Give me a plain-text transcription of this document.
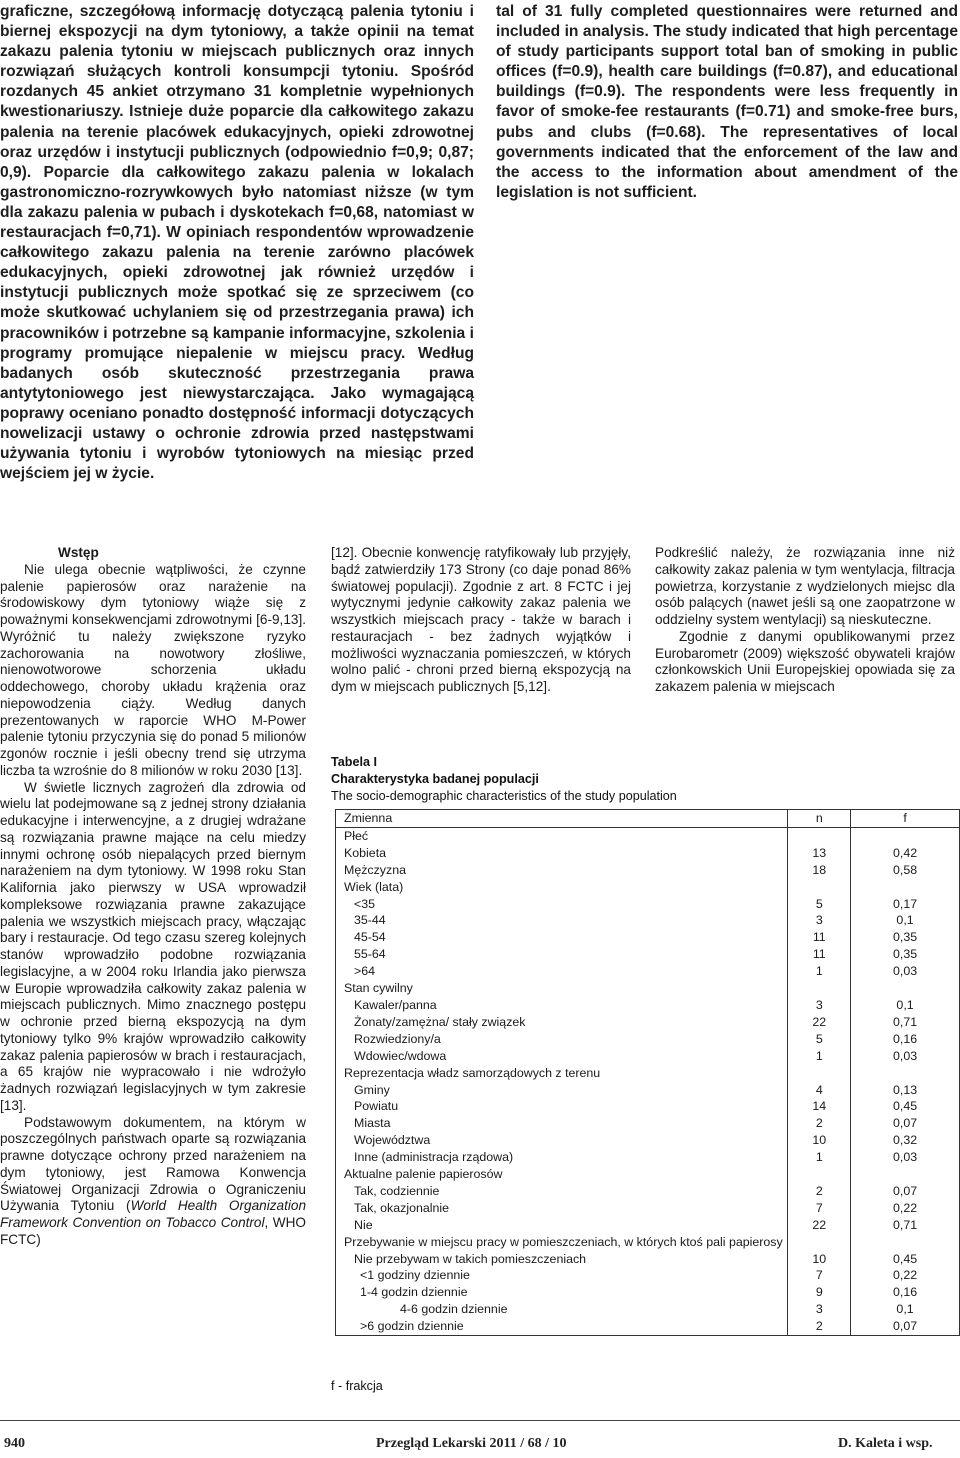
graficzne, szczegółową informację dotyczącą palenia tytoniu i biernej ekspozycji na dym tytoniowy, a także opinii na temat zakazu palenia tytoniu w miejscach publicznych oraz innych rozwiązań służących kontroli konsumpcji tytoniu. Spośród rozdanych 45 ankiet otrzymano 31 kompletnie wypełnionych kwestionariuszy. Istnieje duże poparcie dla całkowitego zakazu palenia na terenie placówek edukacyjnych, opieki zdrowotnej oraz urzędów i instytucji publicznych (odpowiednio f=0,9; 0,87; 0,9). Poparcie dla całkowitego zakazu palenia w lokalach gastronomiczno-rozrywkowych było natomiast niższe (w tym dla zakazu palenia w pubach i dyskotekach f=0,68, natomiast w restauracjach f=0,71). W opiniach respondentów wprowadzenie całkowitego zakazu palenia na terenie zarówno placówek edukacyjnych, opieki zdrowotnej jak również urzędów i instytucji publicznych może spotkać się ze sprzeciwem (co może skutkować uchylaniem się od przestrzegania prawa) ich pracowników i potrzebne są kampanie informacyjne, szkolenia i programy promujące niepalenie w miejscu pracy. Według badanych osób skuteczność przestrzegania prawa antytytoniowego jest niewystarczająca. Jako wymagającą poprawy oceniano ponadto dostępność informacji dotyczących nowelizacji ustawy o ochronie zdrowia przed następstwami używania tytoniu i wyrobów tytoniowych na miesiąc przed wejściem jej w życie.

tal of 31 fully completed questionnaires were returned and included in analysis. The study indicated that high percentage of study participants support total ban of smoking in public offices (f=0.9), health care buildings (f=0.87), and educational buildings (f=0.9). The respondents were less frequently in favor of smoke-fee restaurants (f=0.71) and smoke-free burs, pubs and clubs (f=0.68). The representatives of local governments indicated that the enforcement of the law and the access to the information about amendment of the legislation is not sufficient.

Wstęp

Nie ulega obecnie wątpliwości, że czynne palenie papierosów oraz narażenie na środowiskowy dym tytoniowy wiąże się z poważnymi konsekwencjami zdrowotnymi [6-9,13]. Wyróżnić tu należy zwiększone ryzyko zachorowania na nowotwory złośliwe, nienowotworowe schorzenia układu oddechowego, choroby układu krążenia oraz niepowodzenia ciąży. Według danych prezentowanych w raporcie WHO M-Power palenie tytoniu przyczynia się do ponad 5 milionów zgonów rocznie i jeśli obecny trend się utrzyma liczba ta wzrośnie do 8 milionów w roku 2030 [13].

W świetle licznych zagrożeń dla zdrowia od wielu lat podejmowane są z jednej strony działania edukacyjne i interwencyjne, a z drugiej wdrażane są rozwiązania prawne mające na celu miedzy innymi ochronę osób niepalących przed biernym narażeniem na dym tytoniowy. W 1998 roku Stan Kalifornia jako pierwszy w USA wprowadził kompleksowe rozwiązania prawne zakazujące palenia we wszystkich miejscach pracy, włączając bary i restauracje. Od tego czasu szereg kolejnych stanów wprowadziło podobne rozwiązania legislacyjne, a w 2004 roku Irlandia jako pierwsza w Europie wprowadziła całkowity zakaz palenia w miejscach publicznych. Mimo znacznego postępu w ochronie przed bierną ekspozycją na dym tytoniowy tylko 9% krajów wprowadziło całkowity zakaz palenia papierosów w brach i restauracjach, a 65 krajów nie wypracowało i nie wdrożyło żadnych rozwiązań legislacyjnych w tym zakresie [13].

Podstawowym dokumentem, na którym w poszczególnych państwach oparte są rozwiązania prawne dotyczące ochrony przed narażeniem na dym tytoniowy, jest Ramowa Konwencja Światowej Organizacji Zdrowia o Ograniczeniu Używania Tytoniu (World Health Organization Framework Convention on Tobacco Control, WHO FCTC)

[12]. Obecnie konwencję ratyfikowały lub przyjęły, bądź zatwierdziły 173 Strony (co daje ponad 86% światowej populacji). Zgodnie z art. 8 FCTC i jej wytycznymi jedynie całkowity zakaz palenia we wszystkich miejscach pracy - także w barach i restauracjach - bez żadnych wyjątków i możliwości wyznaczania pomieszczeń, w których wolno palić - chroni przed bierną ekspozycją na dym w miejscach publicznych [5,12].

Podkreślić należy, że rozwiązania inne niż całkowity zakaz palenia w tym wentylacja, filtracja powietrza, korzystanie z wydzielonych miejsc dla osób palących (nawet jeśli są one zaopatrzone w oddzielny system wentylacji) są nieskuteczne.

Zgodnie z danymi opublikowanymi przez Eurobarometr (2009) większość obywateli krajów członkowskich Unii Europejskiej opowiada się za zakazem palenia w miejscach

Tabela I
Charakterystyka badanej populacji
The socio-demographic characteristics of the study population
Zmienna	n	f
Płeć		
Kobieta	13	0,42
Mężczyzna	18	0,58
Wiek (lata)		
<35	5	0,17
35-44	3	0,1
45-54	11	0,35
55-64	11	0,35
>64	1	0,03
Stan cywilny		
Kawaler/panna	3	0,1
Żonaty/zamężna/ stały związek	22	0,71
Rozwiedziony/a	5	0,16
Wdowiec/wdowa	1	0,03
Reprezentacja władz samorządowych z terenu		
Gminy	4	0,13
Powiatu	14	0,45
Miasta	2	0,07
Województwa	10	0,32
Inne (administracja rządowa)	1	0,03
Aktualne palenie papierosów		
Tak, codziennie	2	0,07
Tak, okazjonalnie	7	0,22
Nie	22	0,71
Przebywanie w miejscu pracy w pomieszczeniach, w których ktoś pali papierosy		
Nie przebywam w takich pomieszczeniach	10	0,45
<1 godziny dziennie	7	0,22
1-4 godzin dziennie	9	0,16
4-6 godzin dziennie	3	0,1
>6 godzin dziennie	2	0,07
f - frakcja
940	Przegląd Lekarski 2011 / 68 / 10	D. Kaleta i wsp.
